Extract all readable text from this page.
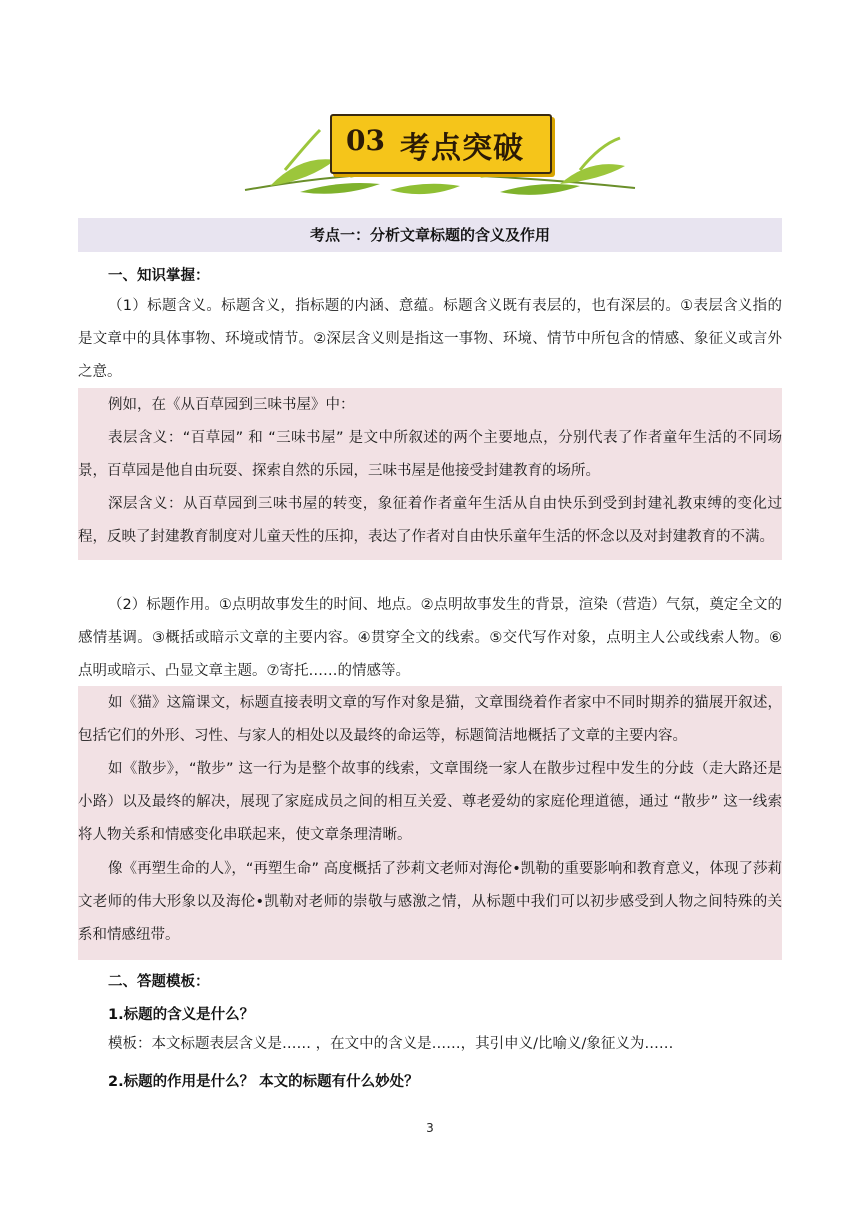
03 考点突破
考点一：分析文章标题的含义及作用
一、知识掌握：
（1）标题含义。标题含义，指标题的内涵、意蕴。标题含义既有表层的，也有深层的。①表层含义指的是文章中的具体事物、环境或情节。②深层含义则是指这一事物、环境、情节中所包含的情感、象征义或言外之意。
例如，在《从百草园到三味书屋》中：
表层含义：“百草园” 和 “三味书屋” 是文中所叙述的两个主要地点，分别代表了作者童年生活的不同场景，百草园是他自由玩耍、探索自然的乐园，三味书屋是他接受封建教育的场所。
深层含义：从百草园到三味书屋的转变，象征着作者童年生活从自由快乐到受到封建礼教束缚的变化过程，反映了封建教育制度对儿童天性的压抑，表达了作者对自由快乐童年生活的怀念以及对封建教育的不满。
（2）标题作用。①点明故事发生的时间、地点。②点明故事发生的背景，渲染（营造）气氛，奠定全文的感情基调。③概括或暗示文章的主要内容。④贯穿全文的线索。⑤交代写作对象，点明主人公或线索人物。⑥点明或暗示、凸显文章主题。⑦寄托……的情感等。
如《猫》这篇课文，标题直接表明文章的写作对象是猫，文章围绕着作者家中不同时期养的猫展开叙述，包括它们的外形、习性、与家人的相处以及最终的命运等，标题简洁地概括了文章的主要内容。
如《散步》，“散步” 这一行为是整个故事的线索，文章围绕一家人在散步过程中发生的分歧（走大路还是小路）以及最终的解决，展现了家庭成员之间的相互关爱、尊老爱幼的家庭伦理道德，通过 “散步” 这一线索将人物关系和情感变化串联起来，使文章条理清晰。
像《再塑生命的人》，“再塑生命” 高度概括了莎莉文老师对海伦•凯勒的重要影响和教育意义，体现了莎莉文老师的伟大形象以及海伦•凯勒对老师的崇敬与感激之情，从标题中我们可以初步感受到人物之间特殊的关系和情感纽带。
二、答题模板：
1.标题的含义是什么？
模板：本文标题表层含义是…… ，在文中的含义是……，其引申义/比喻义/象征义为……
2.标题的作用是什么？ 本文的标题有什么妙处？
3
